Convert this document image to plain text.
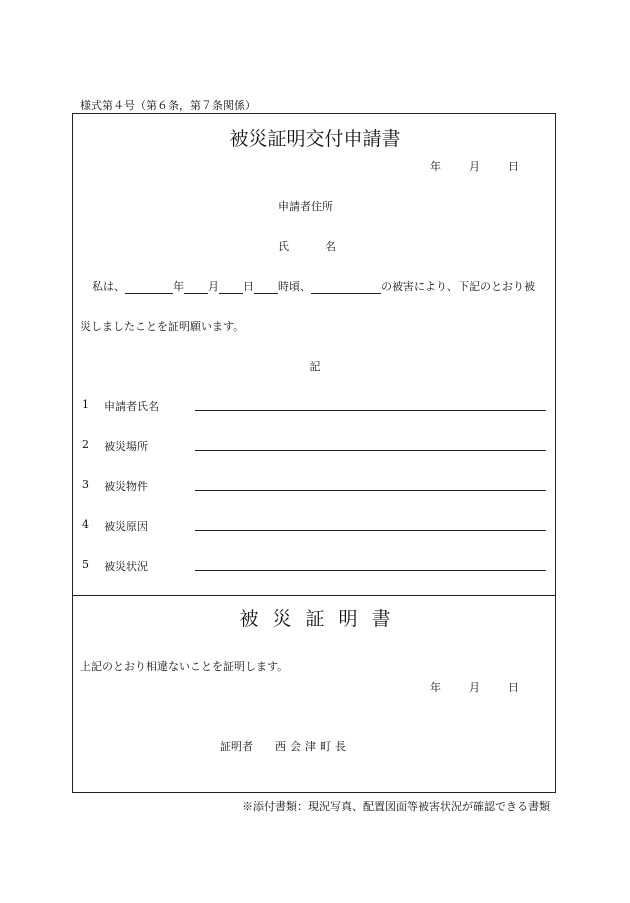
様式第４号（第６条，第７条関係）
被災証明交付申請書
年	月	日
申請者住所
氏	名
私は、	年 月 日 時頃、	の被害により、下記のとおり被
災しましたことを証明願います。
記
1 申請者氏名
2 被災場所
3 被災物件
4 被災原因
5 被災状況
被災証明書
上記のとおり相違ないことを証明します。
年	月	日
証明者 西会津町長
※添付書類：現況写真、配置図面等被害状況が確認できる書類
